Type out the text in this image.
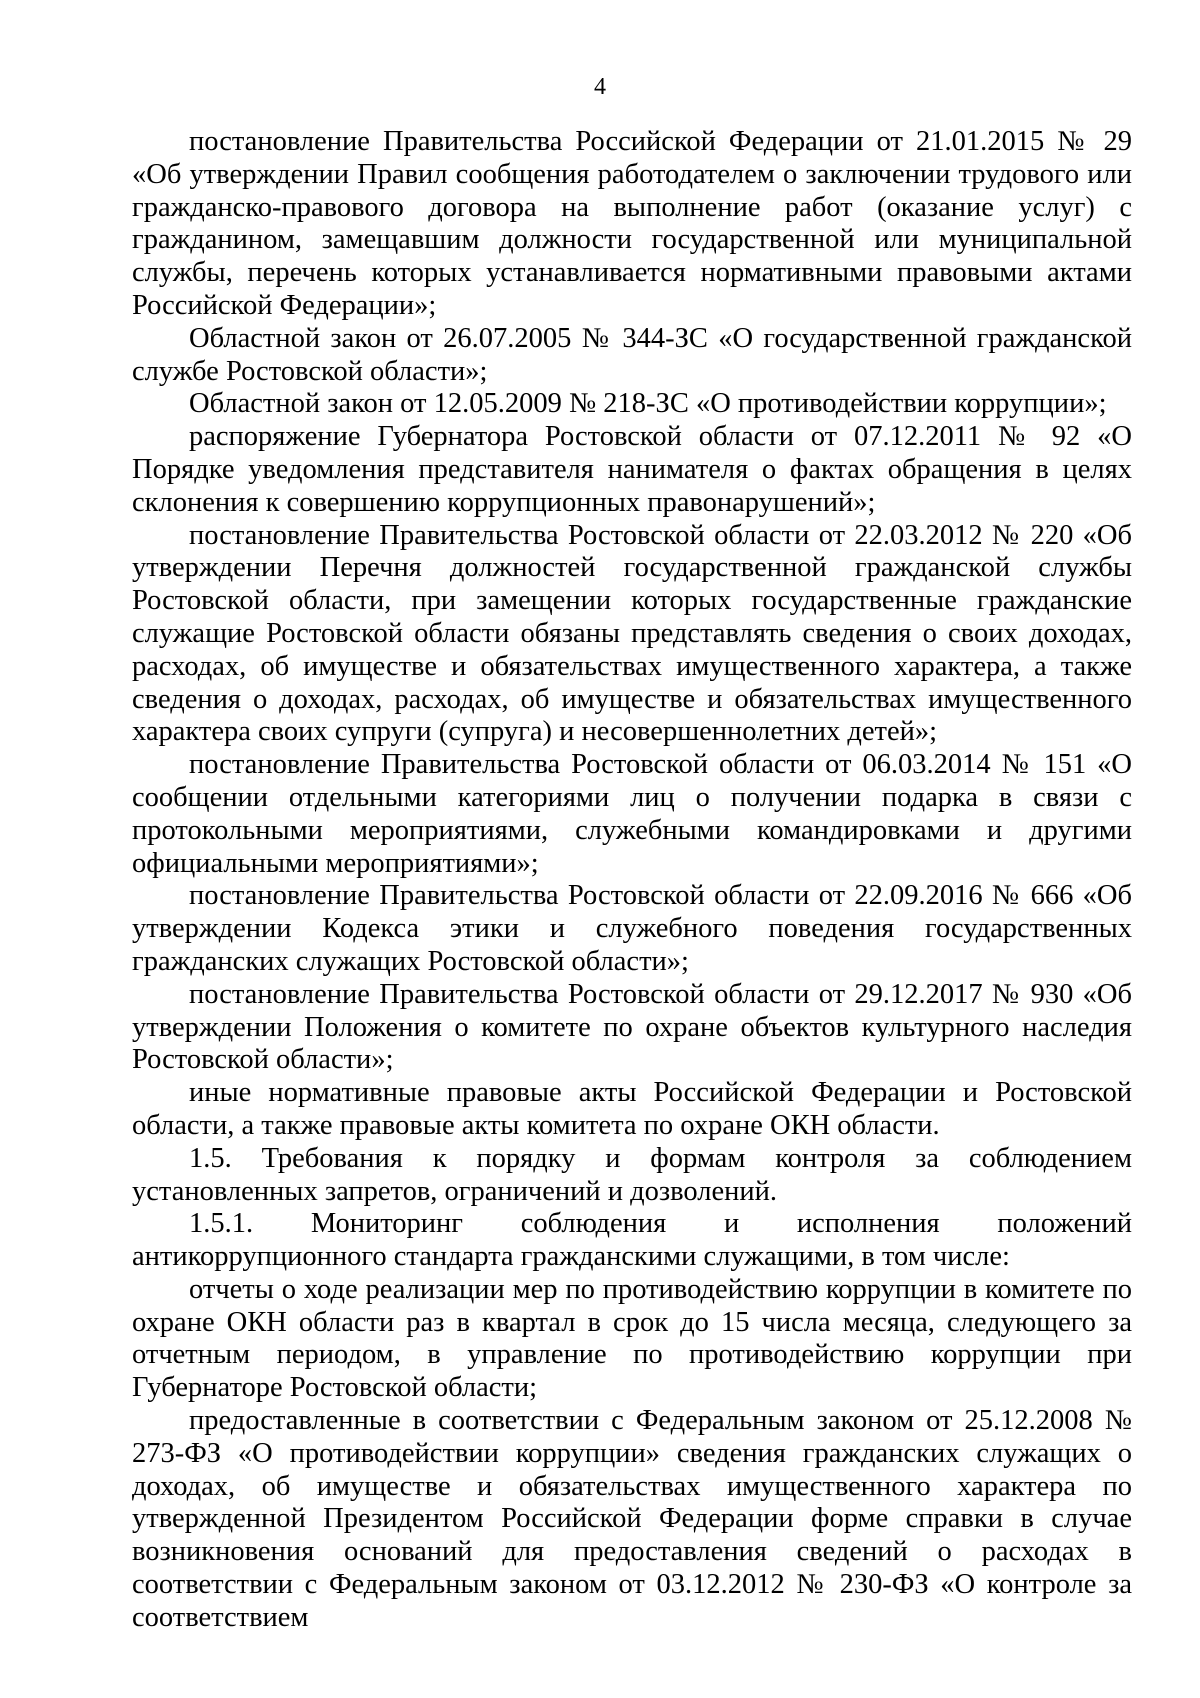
4

постановление Правительства Российской Федерации от 21.01.2015 № 29 «Об утверждении Правил сообщения работодателем о заключении трудового или гражданско-правового договора на выполнение работ (оказание услуг) с гражданином, замещавшим должности государственной или муниципальной службы, перечень которых устанавливается нормативными правовыми актами Российской Федерации»;

Областной закон от 26.07.2005 № 344-ЗС «О государственной гражданской службе Ростовской области»;

Областной закон от 12.05.2009 № 218-ЗС «О противодействии коррупции»;

распоряжение Губернатора Ростовской области от 07.12.2011 № 92 «О Порядке уведомления представителя нанимателя о фактах обращения в целях склонения к совершению коррупционных правонарушений»;

постановление Правительства Ростовской области от 22.03.2012 № 220 «Об утверждении Перечня должностей государственной гражданской службы Ростовской области, при замещении которых государственные гражданские служащие Ростовской области обязаны представлять сведения о своих доходах, расходах, об имуществе и обязательствах имущественного характера, а также сведения о доходах, расходах, об имуществе и обязательствах имущественного характера своих супруги (супруга) и несовершеннолетних детей»;

постановление Правительства Ростовской области от 06.03.2014 № 151 «О сообщении отдельными категориями лиц о получении подарка в связи с протокольными мероприятиями, служебными командировками и другими официальными мероприятиями»;

постановление Правительства Ростовской области от 22.09.2016 № 666 «Об утверждении Кодекса этики и служебного поведения государственных гражданских служащих Ростовской области»;

постановление Правительства Ростовской области от 29.12.2017 № 930 «Об утверждении Положения о комитете по охране объектов культурного наследия Ростовской области»;

иные нормативные правовые акты Российской Федерации и Ростовской области, а также правовые акты комитета по охране ОКН области.

1.5. Требования к порядку и формам контроля за соблюдением установленных запретов, ограничений и дозволений.

1.5.1. Мониторинг соблюдения и исполнения положений антикоррупционного стандарта гражданскими служащими, в том числе:

отчеты о ходе реализации мер по противодействию коррупции в комитете по охране ОКН области раз в квартал в срок до 15 числа месяца, следующего за отчетным периодом, в управление по противодействию коррупции при Губернаторе Ростовской области;

предоставленные в соответствии с Федеральным законом от 25.12.2008 № 273-ФЗ «О противодействии коррупции» сведения гражданских служащих о доходах, об имуществе и обязательствах имущественного характера по утвержденной Президентом Российской Федерации форме справки в случае возникновения оснований для предоставления сведений о расходах в соответствии с Федеральным законом от 03.12.2012 № 230-ФЗ «О контроле за соответствием
